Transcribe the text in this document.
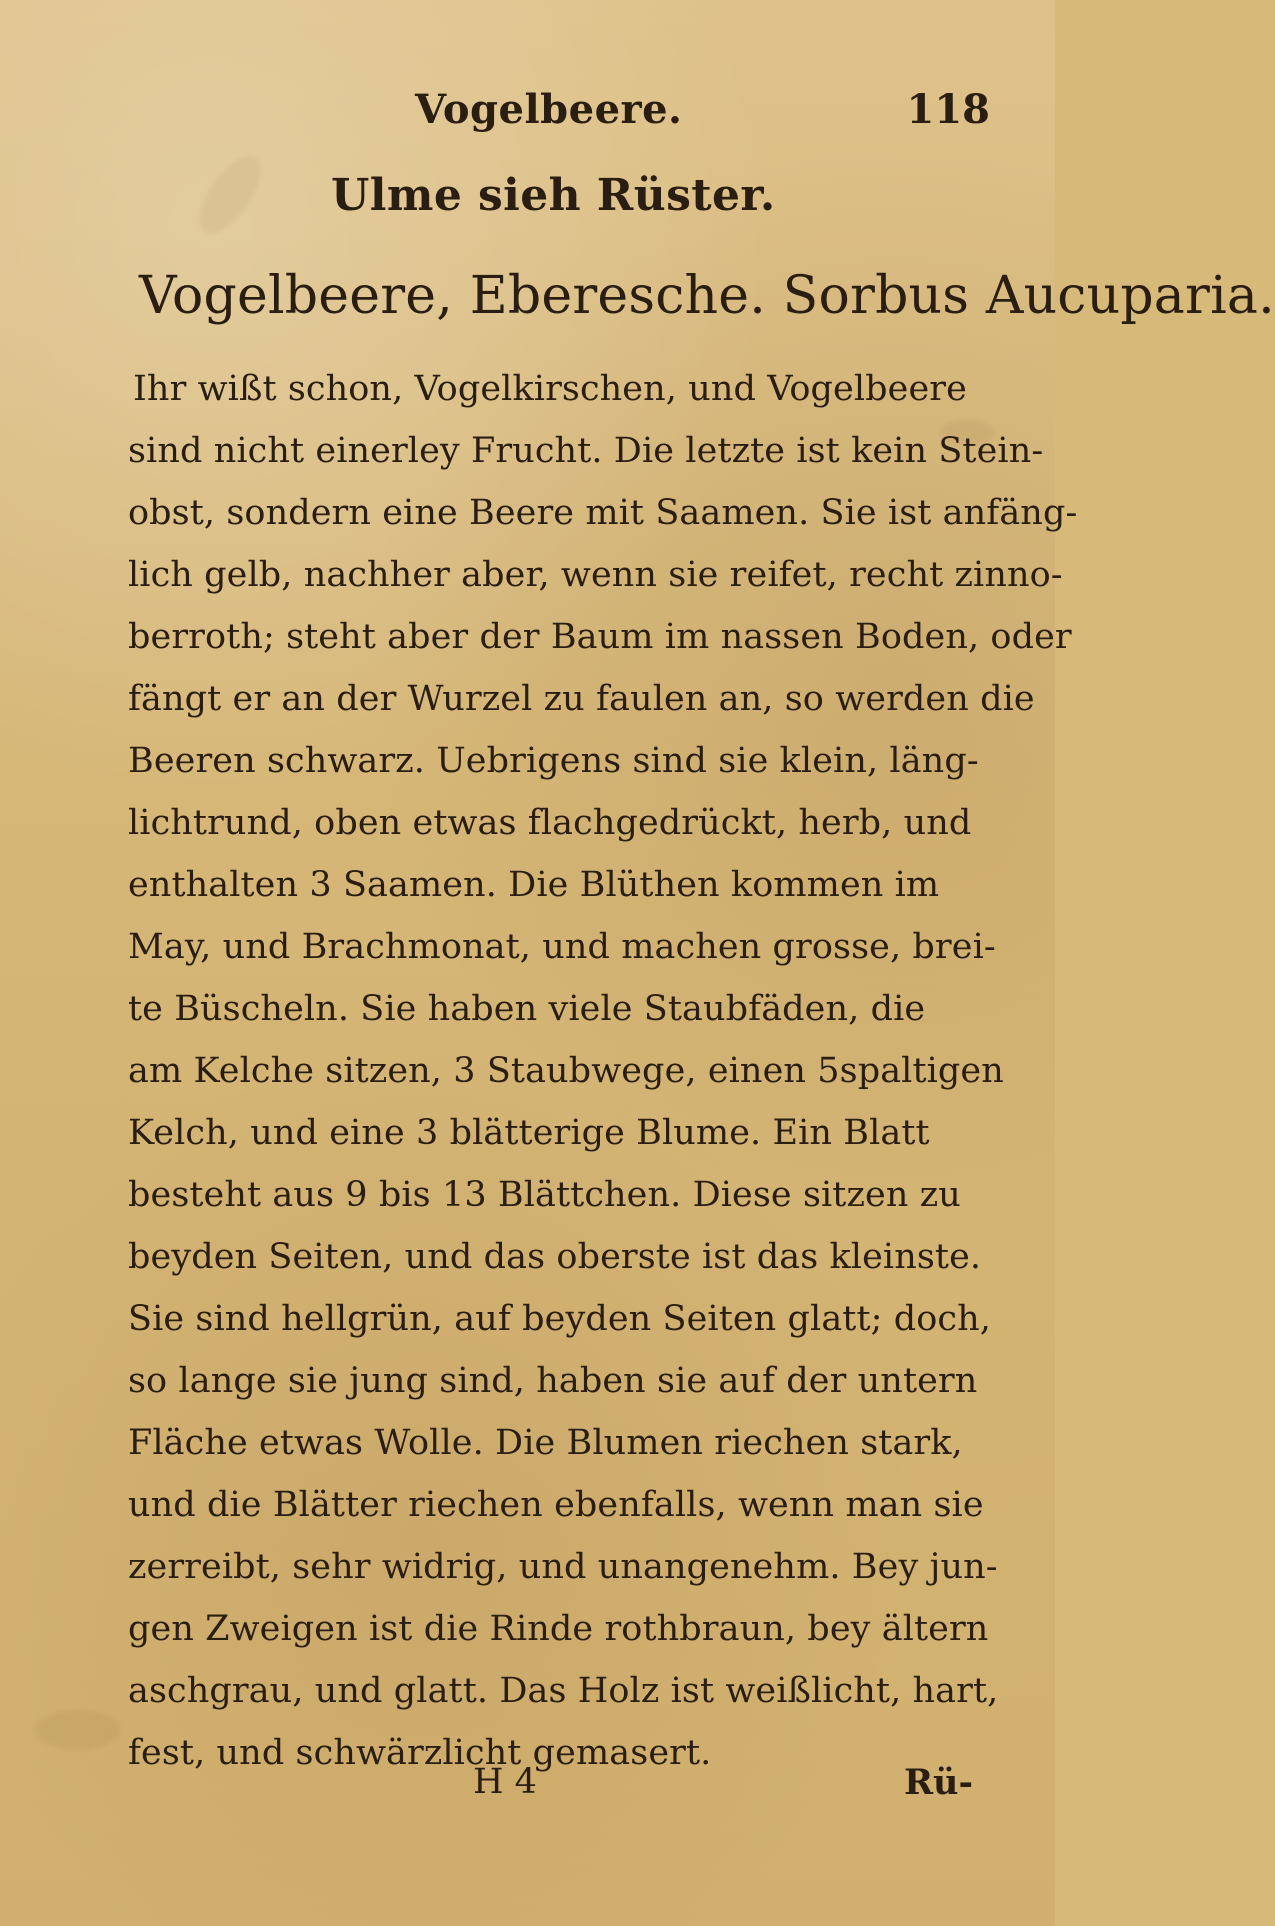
Vogelbeere.	118
Ulme sieh Rüster.
Vogelbeere, Eberesche. Sorbus Aucuparia.
Ihr wißt schon, Vogelkirschen, und Vogelbeere
sind nicht einerley Frucht. Die letzte ist kein Stein-
obst, sondern eine Beere mit Saamen. Sie ist anfäng-
lich gelb, nachher aber, wenn sie reifet, recht zinno-
berroth; steht aber der Baum im nassen Boden, oder
fängt er an der Wurzel zu faulen an, so werden die
Beeren schwarz. Uebrigens sind sie klein, läng-
lichtrund, oben etwas flachgedrückt, herb, und
enthalten 3 Saamen. Die Blüthen kommen im
May, und Brachmonat, und machen grosse, brei-
te Büscheln. Sie haben viele Staubfäden, die
am Kelche sitzen, 3 Staubwege, einen 5spaltigen
Kelch, und eine 3 blätterige Blume. Ein Blatt
besteht aus 9 bis 13 Blättchen. Diese sitzen zu
beyden Seiten, und das oberste ist das kleinste.
Sie sind hellgrün, auf beyden Seiten glatt; doch,
so lange sie jung sind, haben sie auf der untern
Fläche etwas Wolle. Die Blumen riechen stark,
und die Blätter riechen ebenfalls, wenn man sie
zerreibt, sehr widrig, und unangenehm. Bey jun-
gen Zweigen ist die Rinde rothbraun, bey ältern
aschgrau, und glatt. Das Holz ist weißlicht, hart,
fest, und schwärzlicht gemasert.
H 4	Rü-
